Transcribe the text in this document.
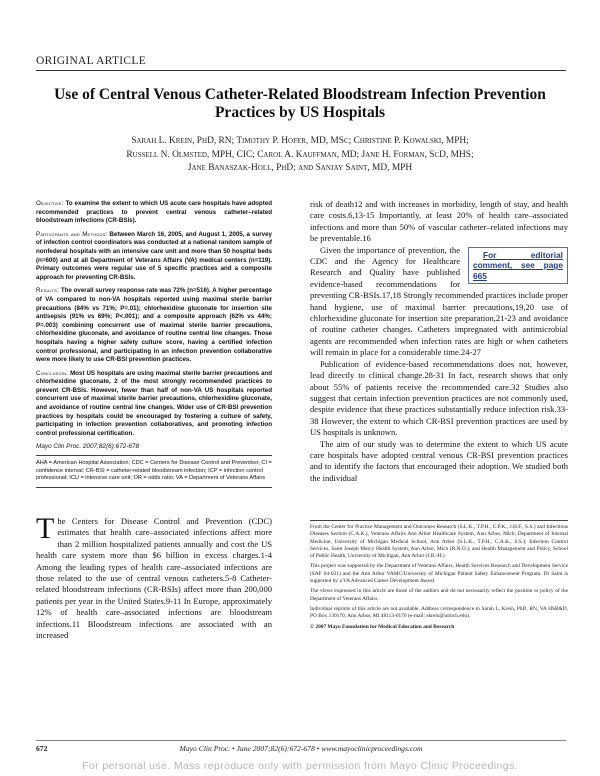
ORIGINAL ARTICLE
Use of Central Venous Catheter-Related Bloodstream Infection Prevention Practices by US Hospitals
Sarah L. Krein, PhD, RN; Timothy P. Hofer, MD, MSc; Christine P. Kowalski, MPH;
Russell N. Olmsted, MPH, CIC; Carol A. Kauffman, MD; Jane H. Forman, ScD, MHS;
Jane Banaszak-Holl, PhD; and Sanjay Saint, MD, MPH

Objective: To examine the extent to which US acute care hospitals have adopted recommended practices to prevent central venous catheter–related bloodstream infections (CR-BSIs).

Participants and Methods: Between March 16, 2005, and August 1, 2005, a survey of infection control coordinators was conducted at a national random sample of nonfederal hospitals with an intensive care unit and more than 50 hospital beds (n=600) and at all Department of Veterans Affairs (VA) medical centers (n=119). Primary outcomes were regular use of 5 specific practices and a composite approach for preventing CR-BSIs.

Results: The overall survey response rate was 72% (n=516). A higher percentage of VA compared to non-VA hospitals reported using maximal sterile barrier precautions (84% vs 71%; P=.01); chlorhexidine gluconate for insertion site antisepsis (91% vs 69%; P<.001); and a composite approach (62% vs 44%; P=.003) combining concurrent use of maximal sterile barrier precautions, chlorhexidine gluconate, and avoidance of routine central line changes. Those hospitals having a higher safety culture score, having a certified infection control professional, and participating in an infection prevention collaborative were more likely to use CR-BSI prevention practices.

Conclusion: Most US hospitals are using maximal sterile barrier precautions and chlorhexidine gluconate, 2 of the most strongly recommended practices to prevent CR-BSIs. However, fewer than half of non-VA US hospitals reported concurrent use of maximal sterile barrier precautions, chlorhexidine gluconate, and avoidance of routine central line changes. Wider use of CR-BSI prevention practices by hospitals could be encouraged by fostering a culture of safety, participating in infection prevention collaboratives, and promoting infection control professional certification.

Mayo Clin Proc. 2007;82(6):672-678
AHA = American Hospital Association; CDC = Centers for Disease Control and Prevention; CI = confidence interval; CR-BSI = catheter-related bloodstream infection; ICP = infection control professional; ICU = intensive care unit; OR = odds ratio; VA = Department of Veterans Affairs

The Centers for Disease Control and Prevention (CDC) estimates that health care–associated infections affect more than 2 million hospitalized patients annually and cost the US health care system more than $6 billion in excess charges.1-4 Among the leading types of health care–associated infections are those related to the use of central venous catheters.5-8 Catheter-related bloodstream infections (CR-BSIs) affect more than 200,000 patients per year in the United States.9-11 In Europe, approximately 12% of health care–associated infections are bloodstream infections.11 Bloodstream infections are associated with an increased

risk of death12 and with increases in morbidity, length of stay, and health care costs.6,13-15 Importantly, at least 20% of health care–associated infections and more than 50% of vascular catheter–related infections may be preventable.16

For editorial comment, see page 665
Given the importance of prevention, the CDC and the Agency for Healthcare Research and Quality have published evidence-based recommendations for preventing CR-BSIs.17,18 Strongly recommended practices include proper hand hygiene, use of maximal barrier precautions,19,20 use of chlorhexidine gluconate for insertion site preparation,21-23 and avoidance of routine catheter changes. Catheters impregnated with antimicrobial agents are recommended when infection rates are high or when catheters will remain in place for a considerable time.24-27

Publication of evidence-based recommendations does not, however, lead directly to clinical change.28-31 In fact, research shows that only about 55% of patients receive the recommended care.32 Studies also suggest that certain infection prevention practices are not commonly used, despite evidence that these practices substantially reduce infection risk.33-38 However, the extent to which CR-BSI prevention practices are used by US hospitals is unknown.

The aim of our study was to determine the extent to which US acute care hospitals have adopted central venous CR-BSI prevention practices and to identify the factors that encouraged their adoption. We studied both the individual

From the Center for Practice Management and Outcomes Research (S.L.K., T.P.H., C.P.K., J.H.F., S.S.) and Infectious Diseases Section (C.A.K.), Veterans Affairs Ann Arbor Healthcare System, Ann Arbor, Mich; Department of Internal Medicine, University of Michigan Medical School, Ann Arbor (S.L.K., T.P.H., C.A.K., S.S.); Infection Control Services, Saint Joseph Mercy Health System, Ann Arbor, Mich (R.N.O.); and Health Management and Policy, School of Public Health, University of Michigan, Ann Arbor (J.B.-H.).

This project was supported by the Department of Veterans Affairs, Health Services Research and Development Service (SAF 04-031) and the Ann Arbor VAMC/University of Michigan Patient Safety Enhancement Program. Dr Saint is supported by a VA Advanced Career Development Award.

The views expressed in this article are those of the authors and do not necessarily reflect the position or policy of the Department of Veterans Affairs.

Individual reprints of this article are not available. Address correspondence to Sarah L. Krein, PhD, RN, VA HSR&D, PO Box 130170, Ann Arbor, MI 48113-0170 (e-mail: skrein@umich.edu).

© 2007 Mayo Foundation for Medical Education and Research

Mayo Clin Proc. • June 2007;82(6):672-678 • www.mayoclinicproceedings.com
672
For personal use. Mass reproduce only with permission from Mayo Clinic Proceedings.
